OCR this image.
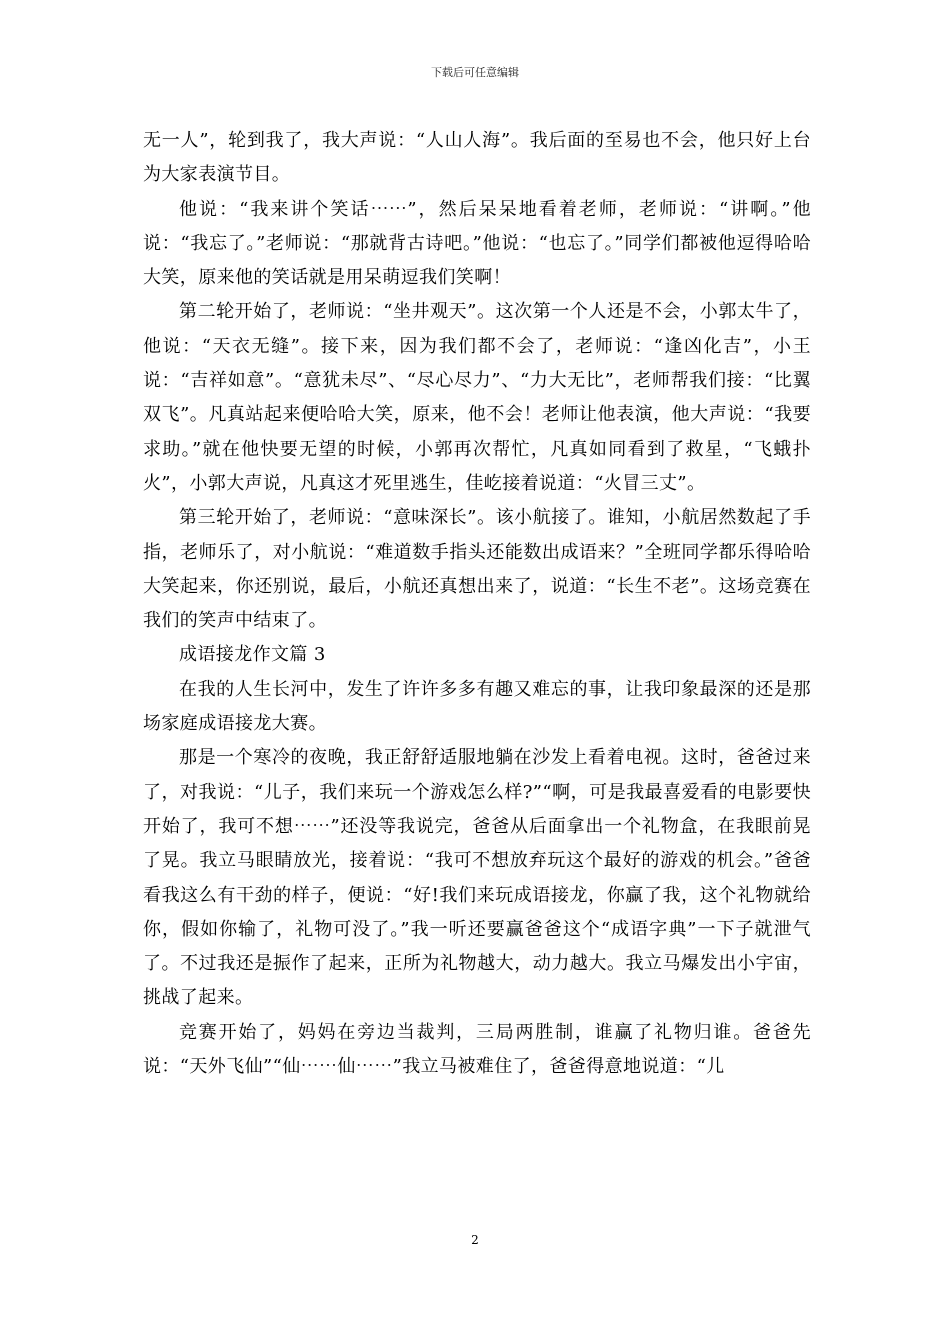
下载后可任意编辑

无一人”，轮到我了，我大声说：“人山人海”。我后面的至易也不会，他只好上台为大家表演节目。

他说：“我来讲个笑话⋯⋯”，然后呆呆地看着老师，老师说：“讲啊。”他说：“我忘了。”老师说：“那就背古诗吧。”他说：“也忘了。”同学们都被他逗得哈哈大笑，原来他的笑话就是用呆萌逗我们笑啊！

第二轮开始了，老师说：“坐井观天”。这次第一个人还是不会，小郭太牛了，他说：“天衣无缝”。接下来，因为我们都不会了，老师说：“逢凶化吉”，小王说：“吉祥如意”。“意犹未尽”、“尽心尽力”、“力大无比”，老师帮我们接：“比翼双飞”。凡真站起来便哈哈大笑，原来，他不会！老师让他表演，他大声说：“我要求助。”就在他快要无望的时候，小郭再次帮忙，凡真如同看到了救星，“飞蛾扑火”，小郭大声说，凡真这才死里逃生，佳屹接着说道：“火冒三丈”。

第三轮开始了，老师说：“意味深长”。该小航接了。谁知，小航居然数起了手指，老师乐了，对小航说：“难道数手指头还能数出成语来？”全班同学都乐得哈哈大笑起来，你还别说，最后，小航还真想出来了，说道：“长生不老”。这场竞赛在我们的笑声中结束了。

成语接龙作文篇 3

在我的人生长河中，发生了许许多多有趣又难忘的事，让我印象最深的还是那场家庭成语接龙大赛。

那是一个寒冷的夜晚，我正舒舒适服地躺在沙发上看着电视。这时，爸爸过来了，对我说：“儿子，我们来玩一个游戏怎么样?”“啊，可是我最喜爱看的电影要快开始了，我可不想⋯⋯”还没等我说完，爸爸从后面拿出一个礼物盒，在我眼前晃了晃。我立马眼睛放光，接着说：“我可不想放弃玩这个最好的游戏的机会。”爸爸看我这么有干劲的样子，便说：“好!我们来玩成语接龙，你赢了我，这个礼物就给你，假如你输了，礼物可没了。”我一听还要赢爸爸这个“成语字典”一下子就泄气了。不过我还是振作了起来，正所为礼物越大，动力越大。我立马爆发出小宇宙，挑战了起来。

竞赛开始了，妈妈在旁边当裁判，三局两胜制，谁赢了礼物归谁。爸爸先说：“天外飞仙”“仙⋯⋯仙⋯⋯”我立马被难住了，爸爸得意地说道：“儿

2
